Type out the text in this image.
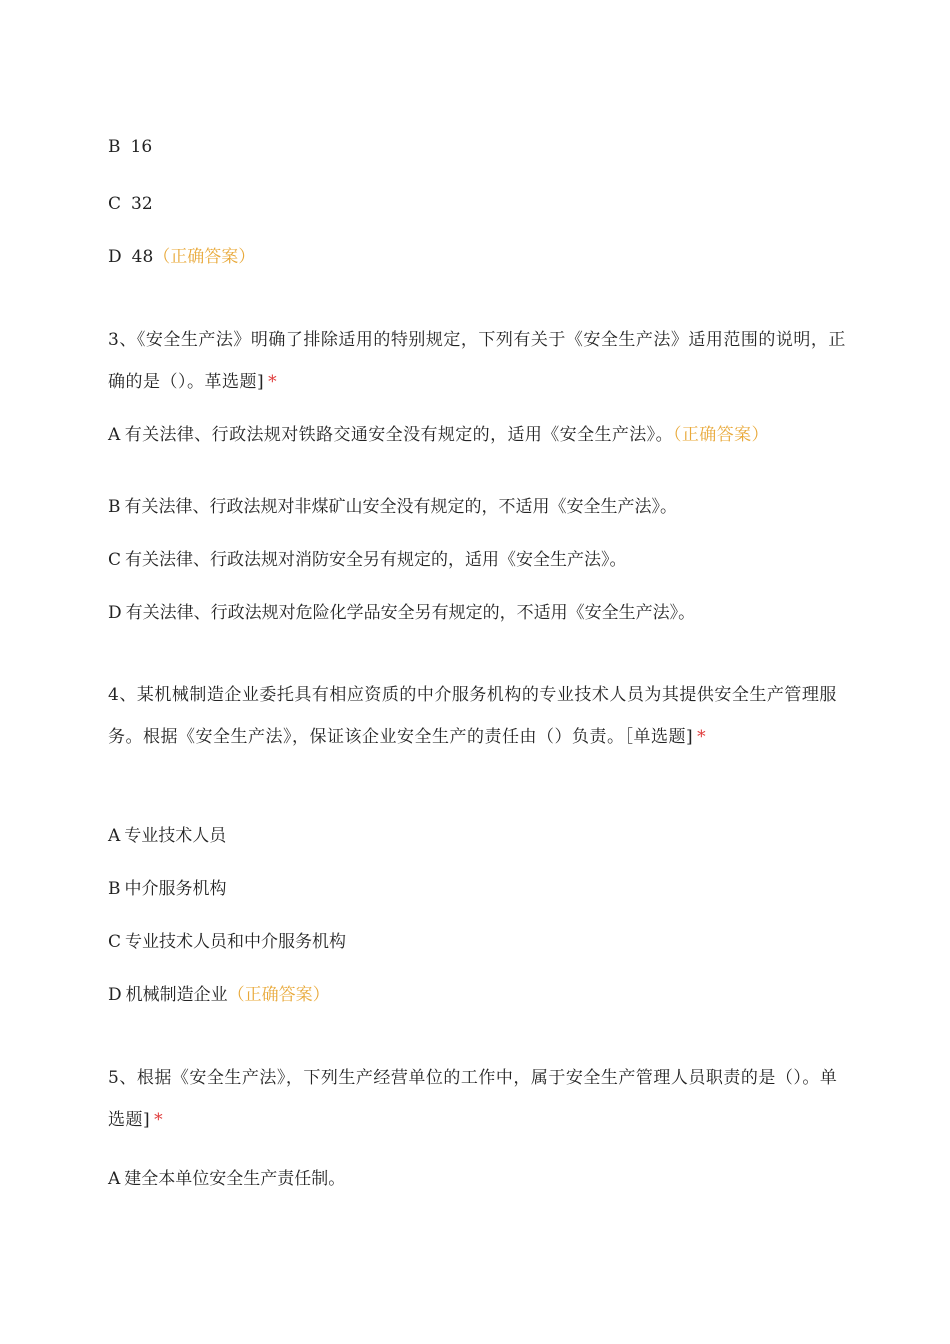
B 16
C 32
D 48（正确答案）
3、《安全生产法》明确了排除适用的特别规定，下列有关于《安全生产法》适用范围的说明，正确的是（）。革选题] *
A 有关法律、行政法规对铁路交通安全没有规定的，适用《安全生产法》。（正确答案）
B 有关法律、行政法规对非煤矿山安全没有规定的，不适用《安全生产法》。
C 有关法律、行政法规对消防安全另有规定的，适用《安全生产法》。
D 有关法律、行政法规对危险化学品安全另有规定的，不适用《安全生产法》。
4、某机械制造企业委托具有相应资质的中介服务机构的专业技术人员为其提供安全生产管理服务。根据《安全生产法》，保证该企业安全生产的责任由（）负责。［单选题] *
A 专业技术人员
B 中介服务机构
C 专业技术人员和中介服务机构
D 机械制造企业（正确答案）
5、根据《安全生产法》，下列生产经营单位的工作中，属于安全生产管理人员职责的是（）。单选题] *
A 建全本单位安全生产责任制。
